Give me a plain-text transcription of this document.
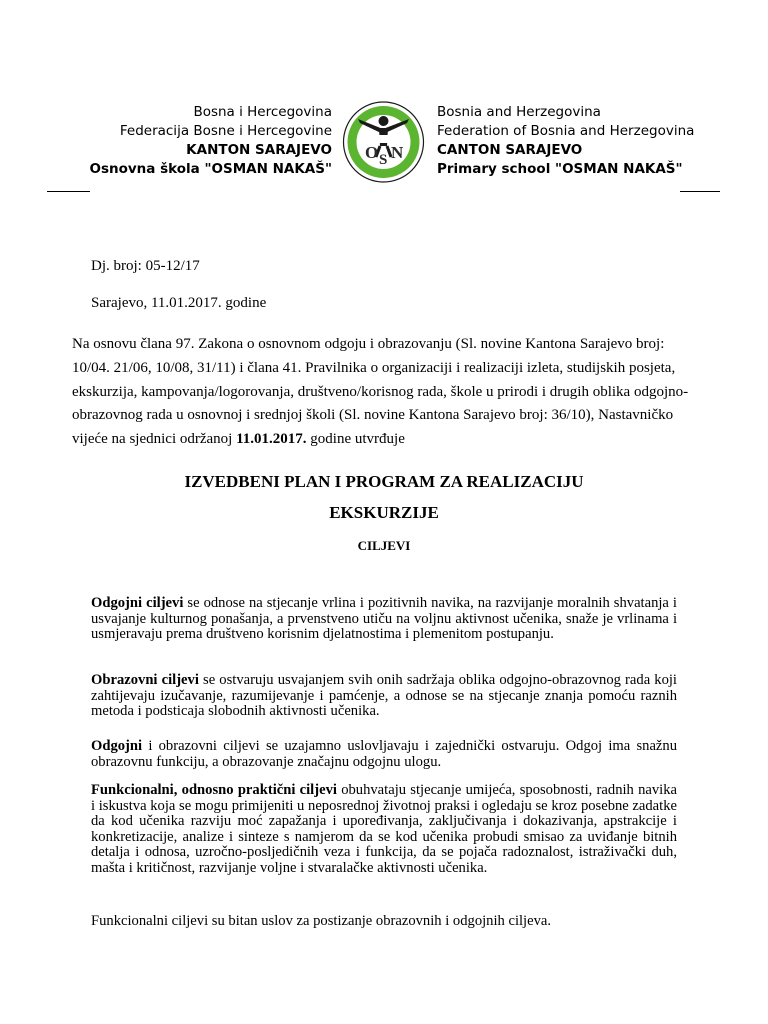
Bosna i Hercegovina
Federacija Bosne i Hercegovine
KANTON SARAJEVO
Osnovna škola "OSMAN NAKAŠ"
O S N
Bosnia and Herzegovina
Federation of Bosnia and Herzegovina
CANTON SARAJEVO
Primary school "OSMAN NAKAŠ"
Dj. broj: 05-12/17
Sarajevo, 11.01.2017. godine
Na osnovu člana 97. Zakona o osnovnom odgoju i obrazovanju (Sl. novine Kantona Sarajevo broj: 10/04. 21/06, 10/08, 31/11) i člana 41. Pravilnika o organizaciji i realizaciji izleta, studijskih posjeta, ekskurzija, kampovanja/logorovanja, društveno/korisnog rada, škole u prirodi i drugih oblika odgojno-obrazovnog rada u osnovnoj i srednjoj školi (Sl. novine Kantona Sarajevo broj: 36/10), Nastavničko vijeće na sjednici održanoj 11.01.2017. godine utvrđuje
IZVEDBENI PLAN I PROGRAM ZA REALIZACIJU
EKSKURZIJE
CILJEVI
Odgojni ciljevi se odnose na stjecanje vrlina i pozitivnih navika, na razvijanje moralnih shvatanja i usvajanje kulturnog ponašanja, a prvenstveno utiču na voljnu aktivnost učenika, snaže je vrlinama i usmjeravaju prema društveno korisnim djelatnostima i plemenitom postupanju.
Obrazovni ciljevi se ostvaruju usvajanjem svih onih sadržaja oblika odgojno-obrazovnog rada koji zahtijevaju izučavanje, razumijevanje i pamćenje, a odnose se na stjecanje znanja pomoću raznih metoda i podsticaja slobodnih aktivnosti učenika.
Odgojni i obrazovni ciljevi se uzajamno uslovljavaju i zajednički ostvaruju. Odgoj ima snažnu obrazovnu funkciju, a obrazovanje značajnu odgojnu ulogu.
Funkcionalni, odnosno praktični ciljevi obuhvataju stjecanje umijeća, sposobnosti, radnih navika i iskustva koja se mogu primijeniti u neposrednoj životnoj praksi i ogledaju se kroz posebne zadatke da kod učenika razviju moć zapažanja i upoređivanja, zaključivanja i dokazivanja, apstrakcije i konkretizacije, analize i sinteze s namjerom da se kod učenika probudi smisao za uviđanje bitnih detalja i odnosa, uzročno-posljedičnih veza i funkcija, da se pojača radoznalost, istraživački duh, mašta i kritičnost, razvijanje voljne i stvaralačke aktivnosti učenika.
Funkcionalni ciljevi su bitan uslov za postizanje obrazovnih i odgojnih ciljeva.
